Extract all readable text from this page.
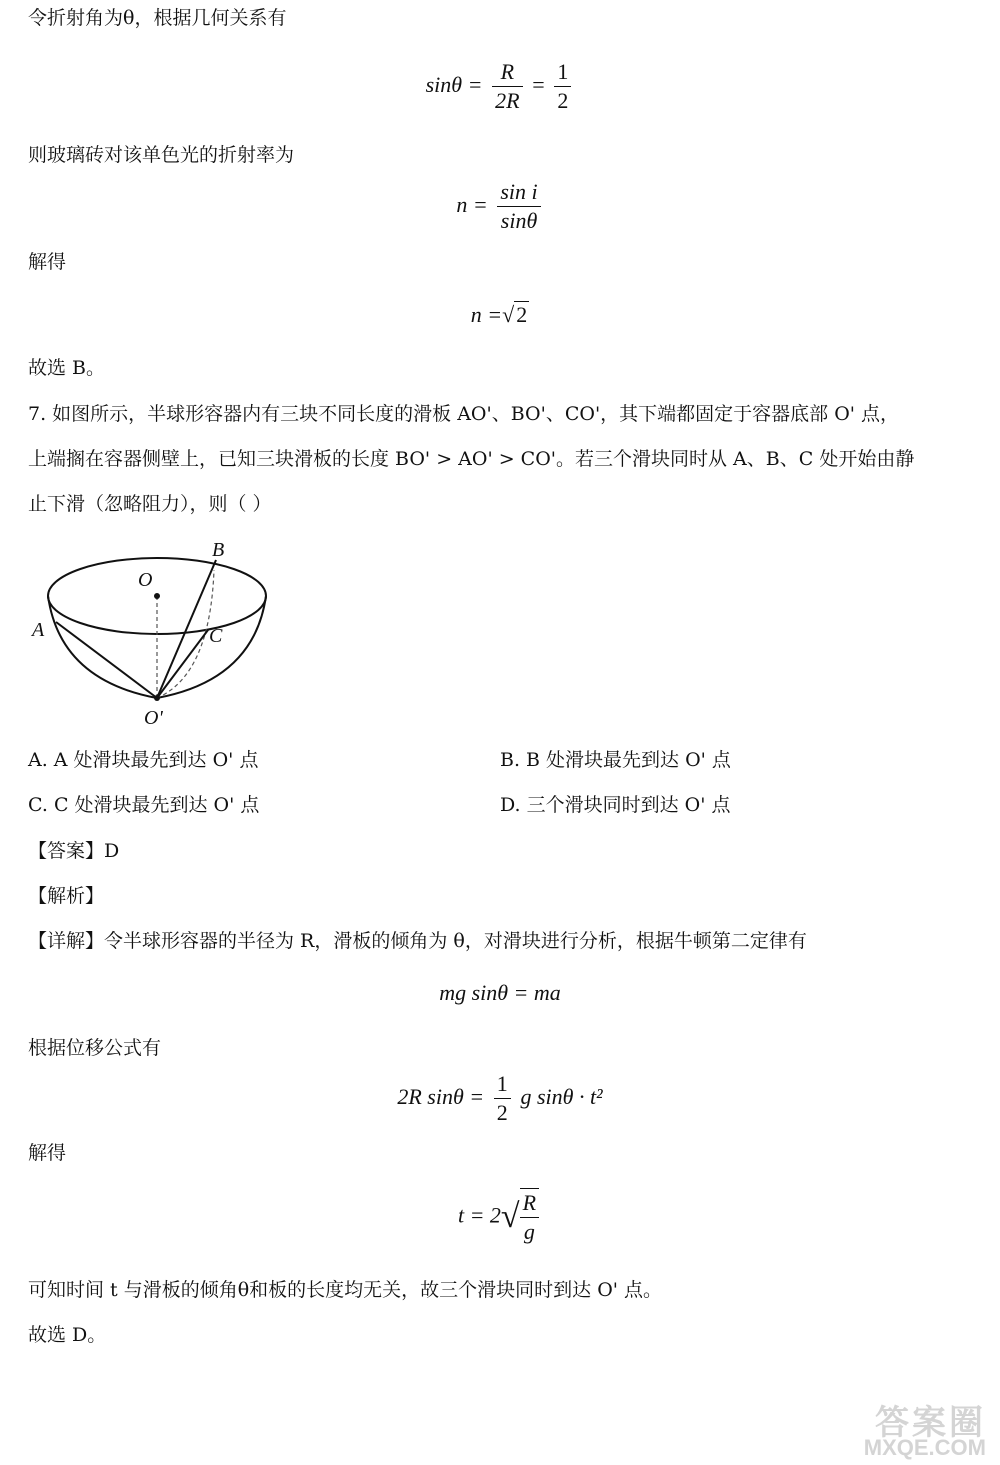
令折射角为θ，根据几何关系有
$\sin\theta = \frac{R}{2R} = \frac{1}{2}$
则玻璃砖对该单色光的折射率为
$n = \frac{\text{sin i}}{\sin\theta}$
解得
n =√2
故选 B。
7. 如图所示，半球形容器内有三块不同长度的滑板 AO'、BO'、CO'，其下端都固定于容器底部 O' 点，
上端搁在容器侧壁上，已知三块滑板的长度 BO' > AO' > CO'。若三个滑块同时从 A、B、C 处开始由静
止下滑（忽略阻力），则（ ）
O
B
A	C
O'
A. A 处滑块最先到达 O' 点	B. B 处滑块最先到达 O' 点
C. C 处滑块最先到达 O' 点	D. 三个滑块同时到达 O' 点
【答案】D
【解析】
【详解】令半球形容器的半径为 R，滑板的倾角为 θ，对滑块进行分析，根据牛顿第二定律有
mg sinθ = ma
根据位移公式有
2R $\sin\theta = \frac{1}{2}$ g sinθ · t²
解得
$t = 2√ \frac{R}{g}$
可知时间 t 与滑板的倾角θ和板的长度均无关，故三个滑块同时到达 O' 点。
故选 D。
答案圈
MXQE.COM
